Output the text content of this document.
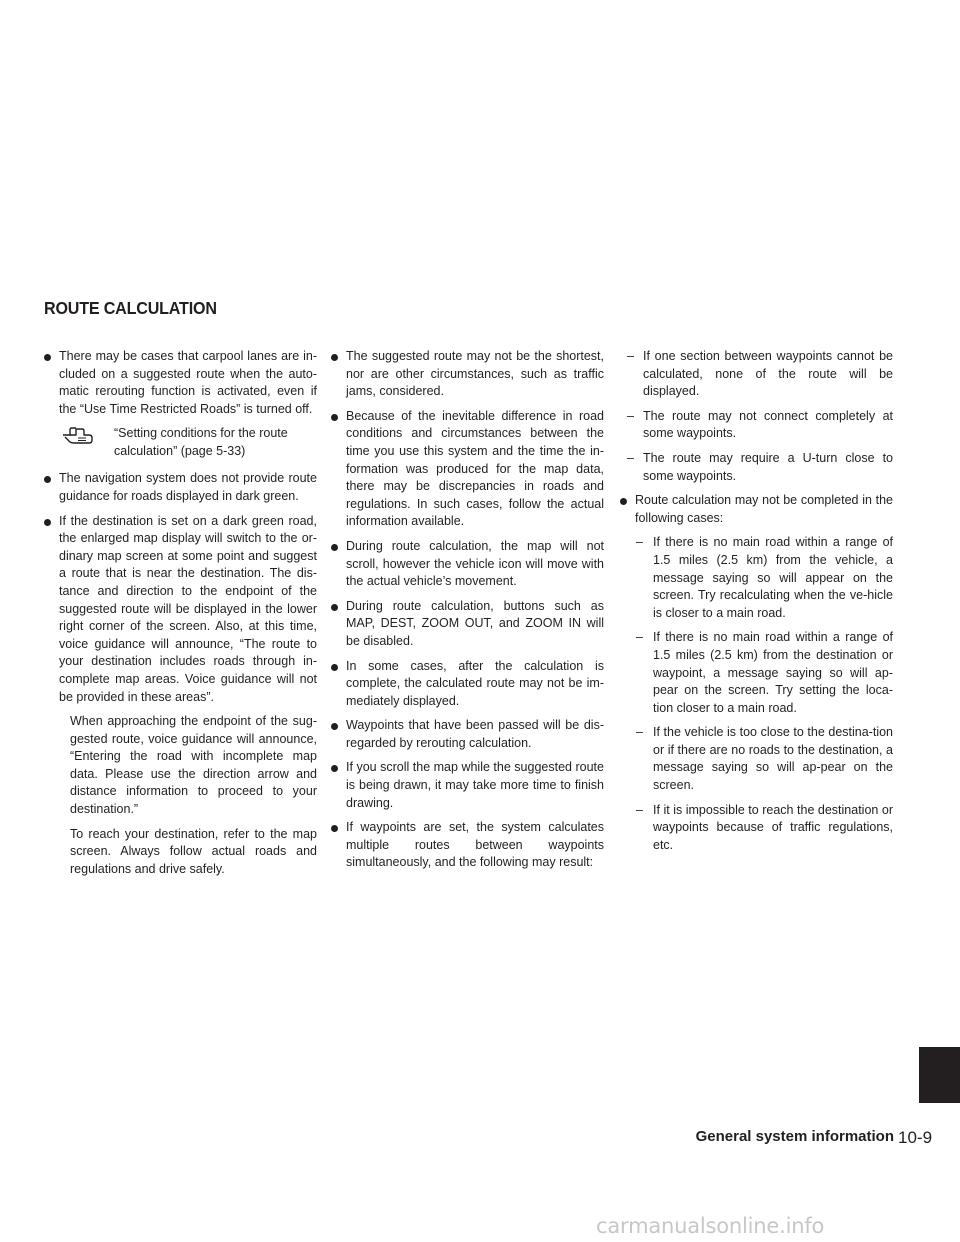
ROUTE CALCULATION
There may be cases that carpool lanes are in-cluded on a suggested route when the auto-matic rerouting function is activated, even if the “Use Time Restricted Roads” is turned off.
“Setting conditions for the route
calculation” (page 5-33)
The navigation system does not provide route guidance for roads displayed in dark green.
If the destination is set on a dark green road, the enlarged map display will switch to the or-dinary map screen at some point and suggest a route that is near the destination. The dis-tance and direction to the endpoint of the suggested route will be displayed in the lower right corner of the screen. Also, at this time, voice guidance will announce, “The route to your destination includes roads through in-complete map areas. Voice guidance will not be provided in these areas”.
When approaching the endpoint of the sug-gested route, voice guidance will announce, “Entering the road with incomplete map data. Please use the direction arrow and distance information to proceed to your destination.”
To reach your destination, refer to the map screen. Always follow actual roads and regulations and drive safely.
The suggested route may not be the shortest, nor are other circumstances, such as traffic jams, considered.
Because of the inevitable difference in road conditions and circumstances between the time you use this system and the time the in-formation was produced for the map data, there may be discrepancies in roads and regulations. In such cases, follow the actual information available.
During route calculation, the map will not scroll, however the vehicle icon will move with the actual vehicle’s movement.
During route calculation, buttons such as MAP, DEST, ZOOM OUT, and ZOOM IN will be disabled.
In some cases, after the calculation is complete, the calculated route may not be im-mediately displayed.
Waypoints that have been passed will be dis-regarded by rerouting calculation.
If you scroll the map while the suggested route is being drawn, it may take more time to finish drawing.
If waypoints are set, the system calculates multiple routes between waypoints simultaneously, and the following may result:
– If one section between waypoints cannot be calculated, none of the route will be displayed.
– The route may not connect completely at some waypoints.
– The route may require a U-turn close to some waypoints.
Route calculation may not be completed in the following cases:
– If there is no main road within a range of 1.5 miles (2.5 km) from the vehicle, a message saying so will appear on the screen. Try recalculating when the ve-hicle is closer to a main road.
– If there is no main road within a range of 1.5 miles (2.5 km) from the destination or waypoint, a message saying so will ap-pear on the screen. Try setting the loca-tion closer to a main road.
– If the vehicle is too close to the destina-tion or if there are no roads to the destination, a message saying so will ap-pear on the screen.
– If it is impossible to reach the destination or waypoints because of traffic regulations, etc.
General system information 10-9
carmanualsonline.info
